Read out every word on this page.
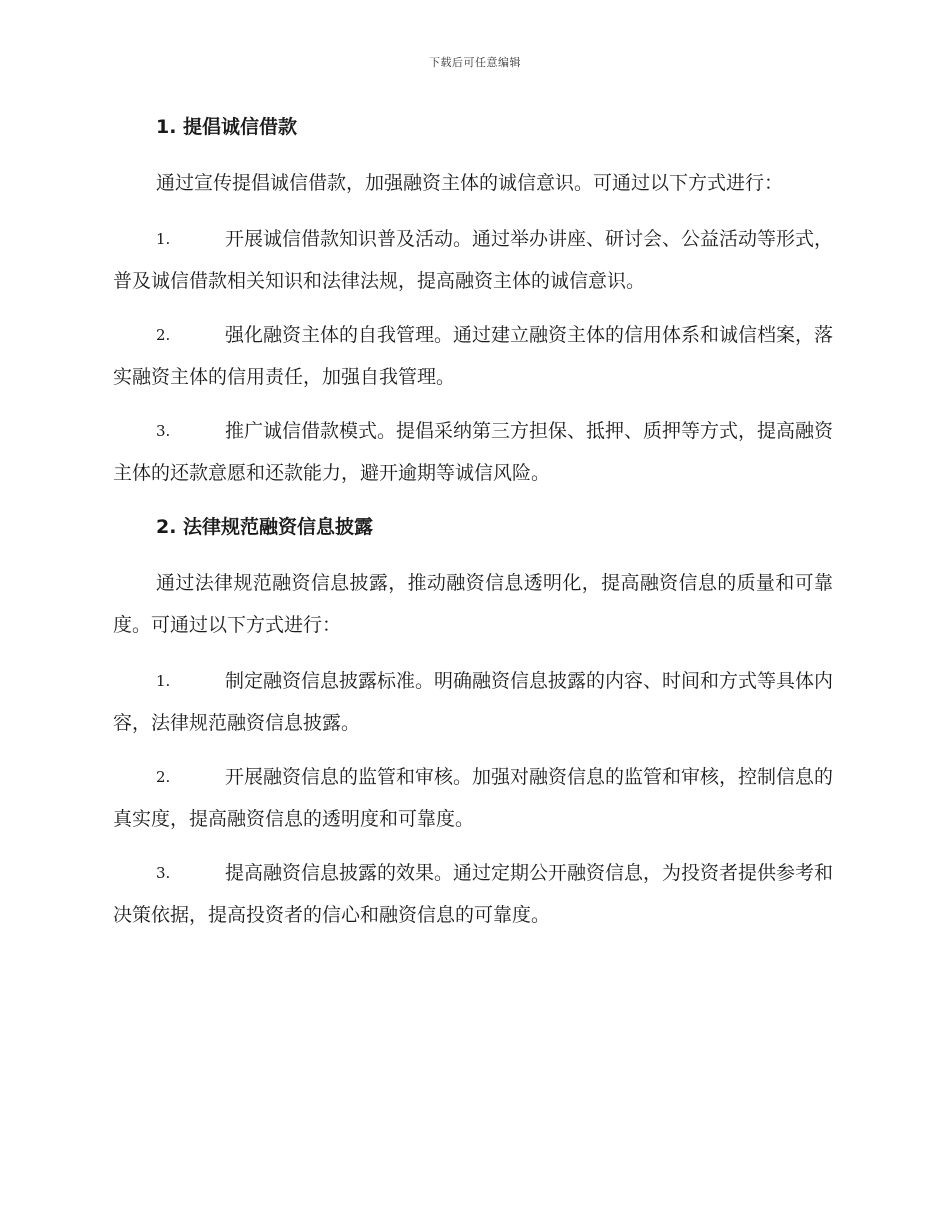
下载后可任意编辑
1. 提倡诚信借款

通过宣传提倡诚信借款，加强融资主体的诚信意识。可通过以下方式进行：

1.	开展诚信借款知识普及活动。通过举办讲座、研讨会、公益活动等形式，普及诚信借款相关知识和法律法规，提高融资主体的诚信意识。
2.	强化融资主体的自我管理。通过建立融资主体的信用体系和诚信档案，落实融资主体的信用责任，加强自我管理。
3.	推广诚信借款模式。提倡采纳第三方担保、抵押、质押等方式，提高融资主体的还款意愿和还款能力，避开逾期等诚信风险。
2. 法律规范融资信息披露

通过法律规范融资信息披露，推动融资信息透明化，提高融资信息的质量和可靠度。可通过以下方式进行：

1.	制定融资信息披露标准。明确融资信息披露的内容、时间和方式等具体内容，法律规范融资信息披露。
2.	开展融资信息的监管和审核。加强对融资信息的监管和审核，控制信息的真实度，提高融资信息的透明度和可靠度。
3.	提高融资信息披露的效果。通过定期公开融资信息，为投资者提供参考和决策依据，提高投资者的信心和融资信息的可靠度。
